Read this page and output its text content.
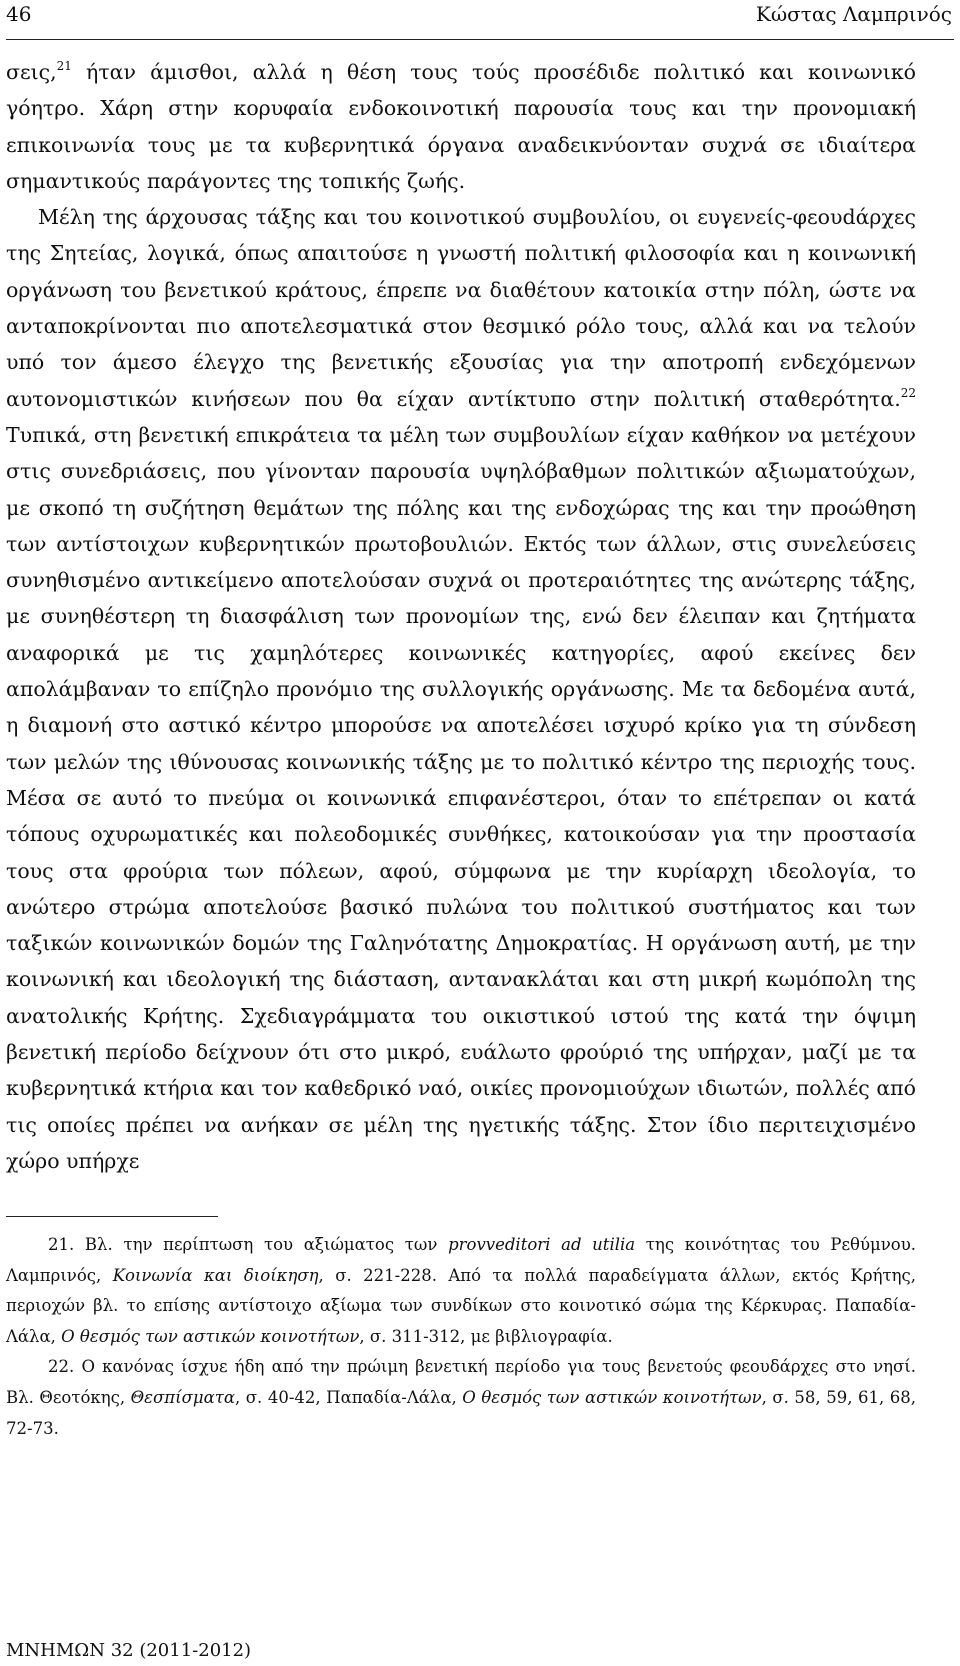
46	Κώστας Λαμπρινός

σεις,$^{21}$ ήταν άμισθοι, αλλά η θέση τους τούς προσέδιδε πολιτικό και κοινωνικό γόητρο. Χάρη στην κορυφαία ενδοκοινοτική παρουσία τους και την προνομιακή επικοινωνία τους με τα κυβερνητικά όργανα αναδεικνύονταν συχνά σε ιδιαίτερα σημαντικούς παράγοντες της τοπικής ζωής.

Μέλη της άρχουσας τάξης και του κοινοτικού συμβουλίου, οι ευγενείς-φεουdάρχες της Σητείας, λογικά, όπως απαιτούσε η γνωστή πολιτική φιλοσοφία και η κοινωνική οργάνωση του βενετικού κράτους, έπρεπε να διαθέτουν κατοικία στην πόλη, ώστε να ανταποκρίνονται πιο αποτελεσματικά στον θεσμικό ρόλο τους, αλλά και να τελούν υπό τον άμεσο έλεγχο της βενετικής εξουσίας για την αποτροπή ενδεχόμενων αυτονομιστικών κινήσεων που θα είχαν αντίκτυπο στην πολιτική σταθερότητα.$^{22}$ Τυπικά, στη βενετική επικράτεια τα μέλη των συμβουλίων είχαν καθήκον να μετέχουν στις συνεδριάσεις, που γίνονταν παρουσία υψηλόβαθμων πολιτικών αξιωματούχων, με σκοπό τη συζήτηση θεμάτων της πόλης και της ενδοχώρας της και την προώθηση των αντίστοιχων κυβερνητικών πρωτοβουλιών. Εκτός των άλλων, στις συνελεύσεις συνηθισμένο αντικείμενο αποτελούσαν συχνά οι προτεραιότητες της ανώτερης τάξης, με συνηθέστερη τη διασφάλιση των προνομίων της, ενώ δεν έλειπαν και ζητήματα αναφορικά με τις χαμηλότερες κοινωνικές κατηγορίες, αφού εκείνες δεν απολάμβαναν το επίζηλο προνόμιο της συλλογικής οργάνωσης. Με τα δεδομένα αυτά, η διαμονή στο αστικό κέντρο μπορούσε να αποτελέσει ισχυρό κρίκο για τη σύνδεση των μελών της ιθύνουσας κοινωνικής τάξης με το πολιτικό κέντρο της περιοχής τους. Μέσα σε αυτό το πνεύμα οι κοινωνικά επιφανέστεροι, όταν το επέτρεπαν οι κατά τόπους οχυρωματικές και πολεοδομικές συνθήκες, κατοικούσαν για την προστασία τους στα φρούρια των πόλεων, αφού, σύμφωνα με την κυρίαρχη ιδεολογία, το ανώτερο στρώμα αποτελούσε βασικό πυλώνα του πολιτικού συστήματος και των ταξικών κοινωνικών δομών της Γαληνότατης Δημοκρατίας. Η οργάνωση αυτή, με την κοινωνική και ιδεολογική της διάσταση, αντανακλάται και στη μικρή κωμόπολη της ανατολικής Κρήτης. Σχεδιαγράμματα του οικιστικού ιστού της κατά την όψιμη βενετική περίοδο δείχνουν ότι στο μικρό, ευάλωτο φρούριό της υπήρχαν, μαζί με τα κυβερνητικά κτήρια και τον καθεδρικό ναό, οικίες προνομιούχων ιδιωτών, πολλές από τις οποίες πρέπει να ανήκαν σε μέλη της ηγετικής τάξης. Στον ίδιο περιτειχισμένο χώρο υπήρχε

21. Βλ. την περίπτωση του αξιώματος των provveditori ad utilia της κοινότητας του Ρεθύμνου. Λαμπρινός, Κοινωνία και διοίκηση, σ. 221-228. Από τα πολλά παραδείγματα άλλων, εκτός Κρήτης, περιοχών βλ. το επίσης αντίστοιχο αξίωμα των συνδίκων στο κοινοτικό σώμα της Κέρκυρας. Παπαδία-Λάλα, Ο θεσμός των αστικών κοινοτήτων, σ. 311-312, με βιβλιογραφία.

22. Ο κανόνας ίσχυε ήδη από την πρώιμη βενετική περίοδο για τους βενετούς φεουδάρχες στο νησί. Βλ. Θεοτόκης, Θεσπίσματα, σ. 40-42, Παπαδία-Λάλα, Ο θεσμός των αστικών κοινοτήτων, σ. 58, 59, 61, 68, 72-73.

ΜΝΗΜΩΝ 32 (2011-2012)
